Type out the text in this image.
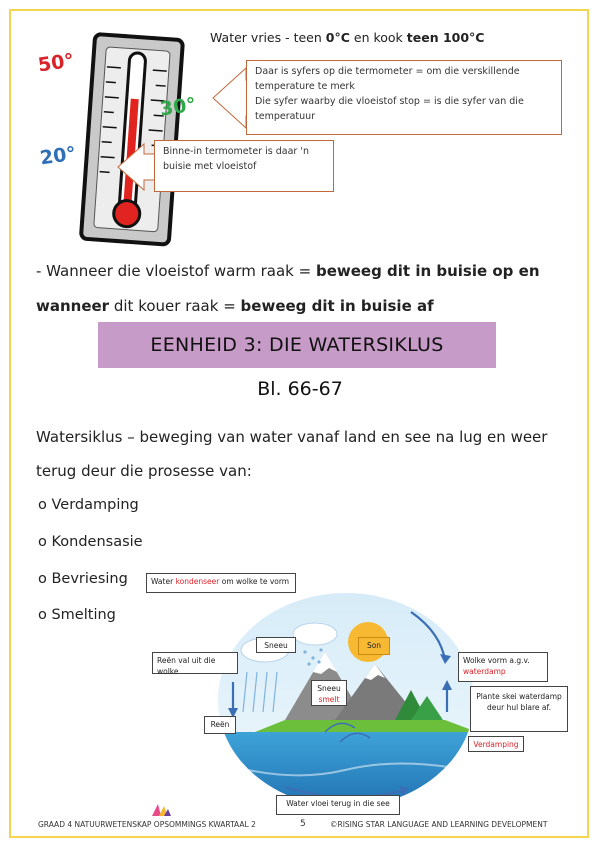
50°
30°
20°
Water vries - teen 0°C en kook teen 100°C
Daar is syfers op die termometer = om die verskillende temperature te merk
Die syfer waarby die vloeistof stop = is die syfer van die temperatuur
Binne-in termometer is daar 'n buisie met vloeistof
- Wanneer die vloeistof warm raak = beweeg dit in buisie op en
wanneer dit kouer raak = beweeg dit in buisie af
EENHEID 3: DIE WATERSIKLUS
Bl. 66-67
Watersiklus – beweging van water vanaf land en see na lug en weer
terug deur die prosesse van:
o Verdamping
o Kondensasie
o Bevriesing
o Smelting
Water kondenseer om wolke te vorm
Sneeu	Son
Reën val uit die wolke
Wolke vorm a.g.v.
waterdamp
Sneeu
smelt	Plante skei waterdamp deur hul blare af.
Reën
Verdamping
Water vloei terug in die see
GRAAD 4 NATUURWETENSKAP OPSOMMINGS KWARTAAL 2	5	©RISING STAR LANGUAGE AND LEARNING DEVELOPMENT
